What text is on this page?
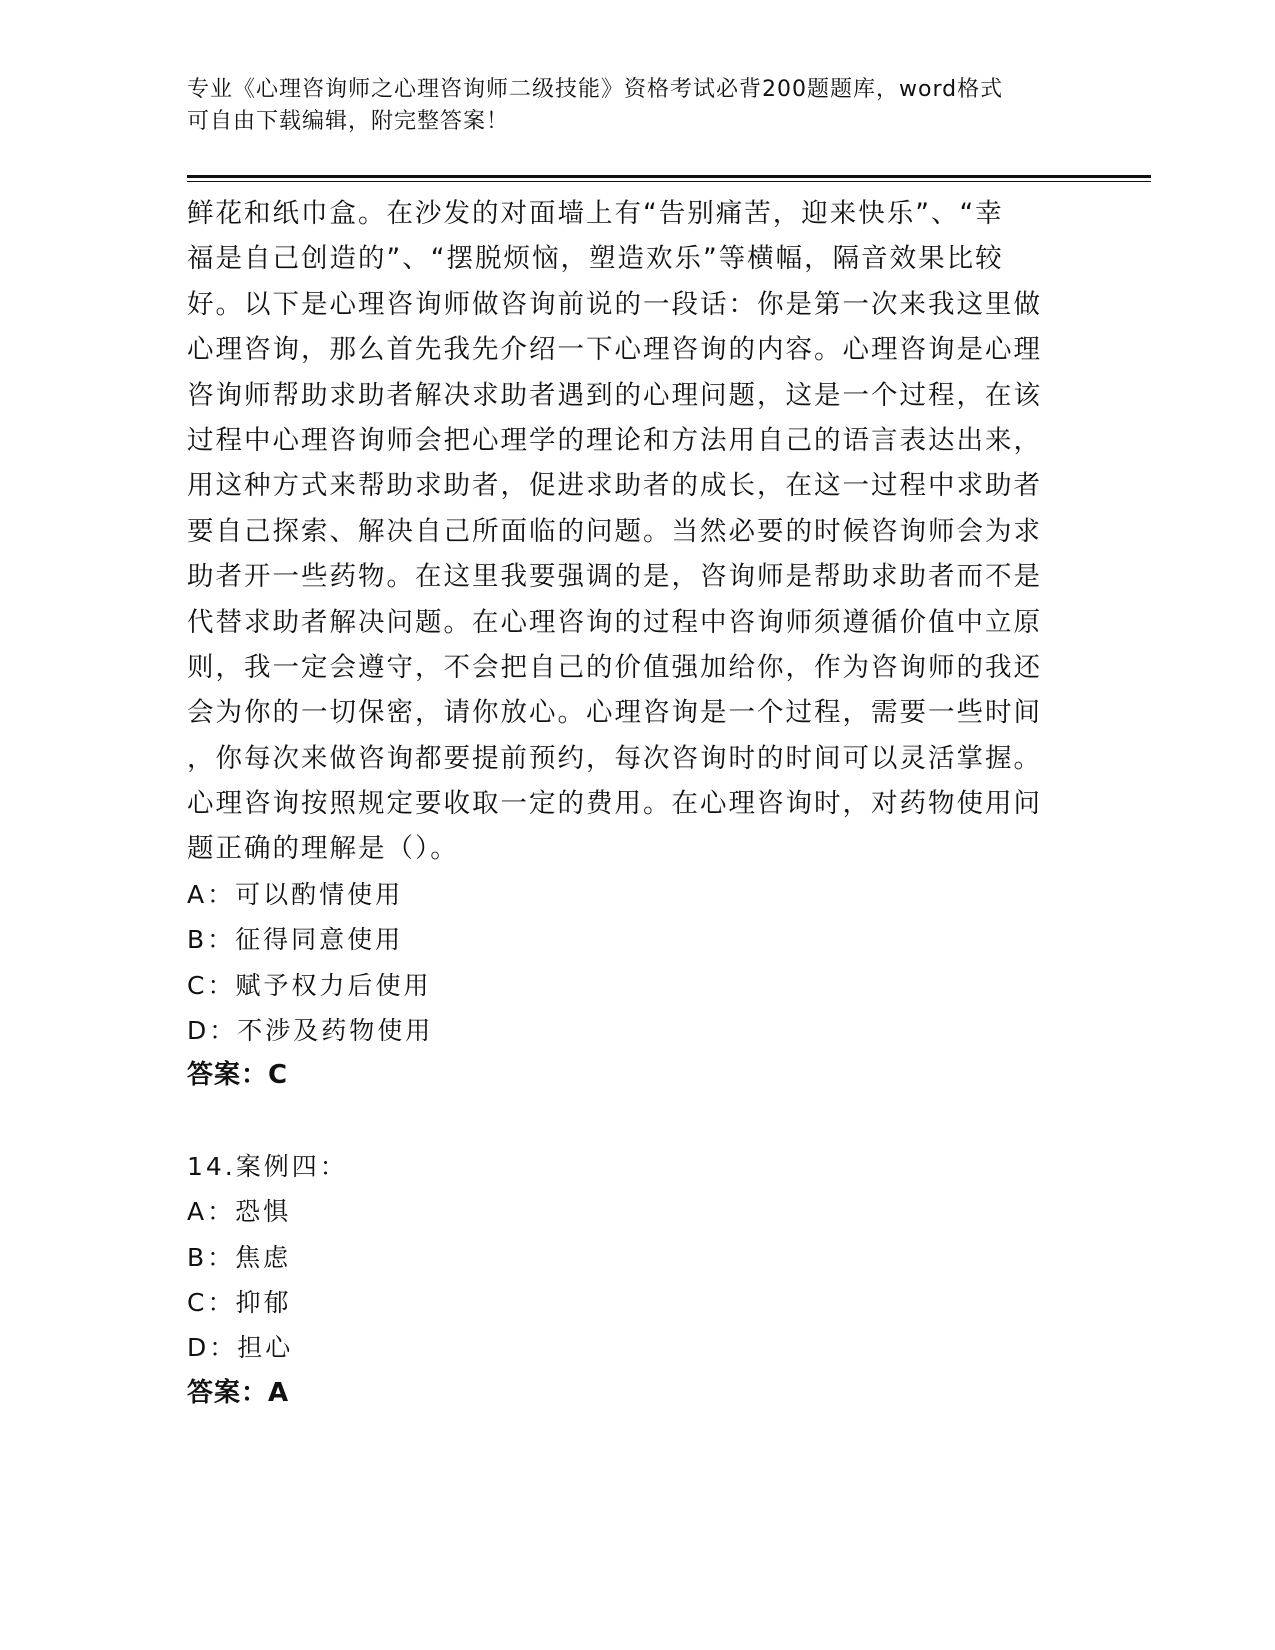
专业《心理咨询师之心理咨询师二级技能》资格考试必背200题题库，word格式
可自由下载编辑，附完整答案！
鲜花和纸巾盒。在沙发的对面墙上有“告别痛苦，迎来快乐”、“幸
福是自己创造的”、“摆脱烦恼，塑造欢乐”等横幅，隔音效果比较
好。以下是心理咨询师做咨询前说的一段话：你是第一次来我这里做
心理咨询，那么首先我先介绍一下心理咨询的内容。心理咨询是心理
咨询师帮助求助者解决求助者遇到的心理问题，这是一个过程，在该
过程中心理咨询师会把心理学的理论和方法用自己的语言表达出来，
用这种方式来帮助求助者，促进求助者的成长，在这一过程中求助者
要自己探索、解决自己所面临的问题。当然必要的时候咨询师会为求
助者开一些药物。在这里我要强调的是，咨询师是帮助求助者而不是
代替求助者解决问题。在心理咨询的过程中咨询师须遵循价值中立原
则，我一定会遵守，不会把自己的价值强加给你，作为咨询师的我还
会为你的一切保密，请你放心。心理咨询是一个过程，需要一些时间
，你每次来做咨询都要提前预约，每次咨询时的时间可以灵活掌握。
心理咨询按照规定要收取一定的费用。在心理咨询时，对药物使用问
题正确的理解是（）。
A：可以酌情使用
B：征得同意使用
C：赋予权力后使用
D：不涉及药物使用
答案：C
14.案例四：
A：恐惧
B：焦虑
C：抑郁
D：担心
答案：A
